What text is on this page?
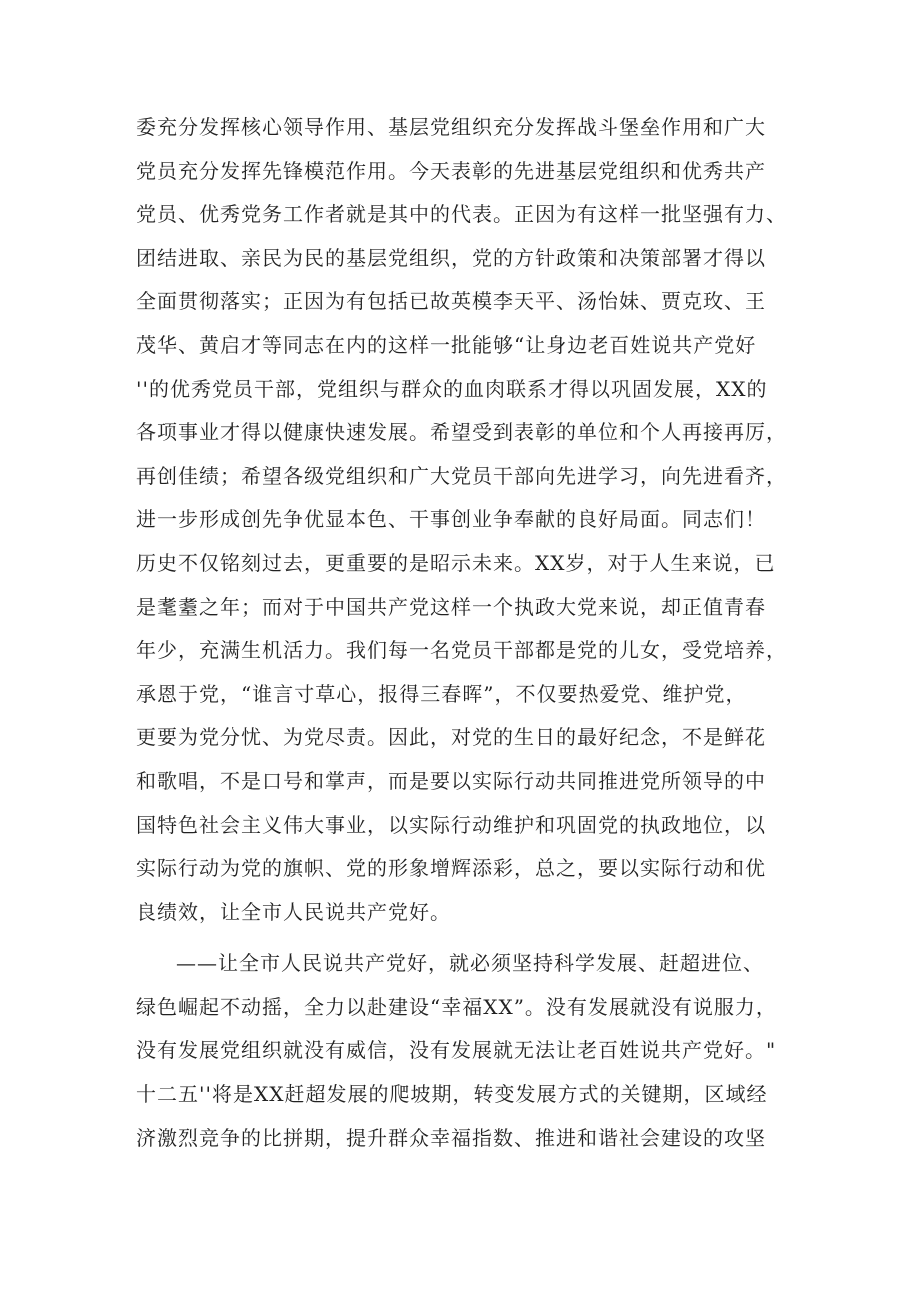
委充分发挥核心领导作用、基层党组织充分发挥战斗堡垒作用和广大
党员充分发挥先锋模范作用。今天表彰的先进基层党组织和优秀共产
党员、优秀党务工作者就是其中的代表。正因为有这样一批坚强有力、
团结进取、亲民为民的基层党组织，党的方针政策和决策部署才得以
全面贯彻落实；正因为有包括已故英模李天平、汤怡妹、贾克玫、王
茂华、黄启才等同志在内的这样一批能够“让身边老百姓说共产党好
''的优秀党员干部，党组织与群众的血肉联系才得以巩固发展，XX的
各项事业才得以健康快速发展。希望受到表彰的单位和个人再接再厉，
再创佳绩；希望各级党组织和广大党员干部向先进学习，向先进看齐，
进一步形成创先争优显本色、干事创业争奉献的良好局面。同志们！
历史不仅铭刻过去，更重要的是昭示未来。XX岁，对于人生来说，已
是耄耋之年；而对于中国共产党这样一个执政大党来说，却正值青春
年少，充满生机活力。我们每一名党员干部都是党的儿女，受党培养，
承恩于党，“谁言寸草心，报得三春晖”，不仅要热爱党、维护党，
更要为党分忧、为党尽责。因此，对党的生日的最好纪念，不是鲜花
和歌唱，不是口号和掌声，而是要以实际行动共同推进党所领导的中
国特色社会主义伟大事业，以实际行动维护和巩固党的执政地位，以
实际行动为党的旗帜、党的形象增辉添彩，总之，要以实际行动和优
良绩效，让全市人民说共产党好。
——让全市人民说共产党好，就必须坚持科学发展、赶超进位、
绿色崛起不动摇，全力以赴建设“幸福XX”。没有发展就没有说服力，
没有发展党组织就没有威信，没有发展就无法让老百姓说共产党好。"
十二五''将是XX赶超发展的爬坡期，转变发展方式的关键期，区域经
济激烈竞争的比拼期，提升群众幸福指数、推进和谐社会建设的攻坚
